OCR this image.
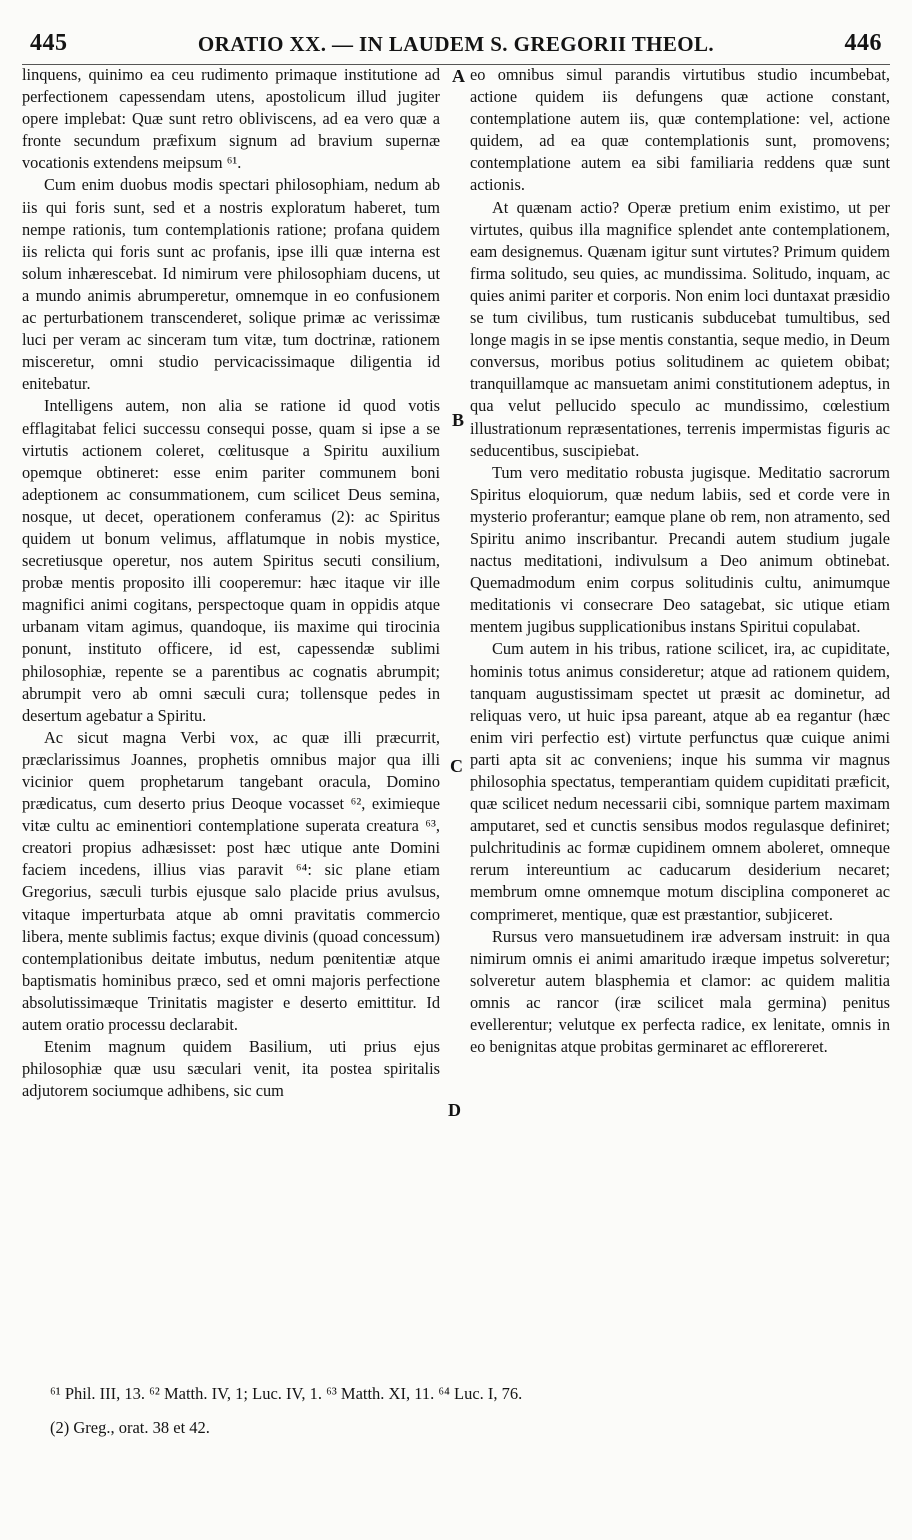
445	ORATIO XX. — IN LAUDEM S. GREGORII THEOL.	446

linquens, quinimo ea ceu rudimento primaque institutione ad perfectionem capessendam utens, apostolicum illud jugiter opere implebat: Quæ sunt retro obliviscens, ad ea vero quæ a fronte secundum præfixum signum ad bravium supernæ vocationis extendens meipsum ⁶¹.

Cum enim duobus modis spectari philosophiam, nedum ab iis qui foris sunt, sed et a nostris exploratum haberet, tum nempe rationis, tum contemplationis ratione; profana quidem iis relicta qui foris sunt ac profanis, ipse illi quæ interna est solum inhærescebat. Id nimirum vere philosophiam ducens, ut a mundo animis abrumperetur, omnemque in eo confusionem ac perturbationem transcenderet, solique primæ ac verissimæ luci per veram ac sinceram tum vitæ, tum doctrinæ, rationem misceretur, omni studio pervicacissimaque diligentia id enitebatur.

Intelligens autem, non alia se ratione id quod votis efflagitabat felici successu consequi posse, quam si ipse a se virtutis actionem coleret, cœlitusque a Spiritu auxilium opemque obtineret: esse enim pariter communem boni adeptionem ac consummationem, cum scilicet Deus semina, nosque, ut decet, operationem conferamus (2): ac Spiritus quidem ut bonum velimus, afflatumque in nobis mystice, secretiusque operetur, nos autem Spiritus secuti consilium, probæ mentis proposito illi cooperemur: hæc itaque vir ille magnifici animi cogitans, perspectoque quam in oppidis atque urbanam vitam agimus, quandoque, iis maxime qui tirocinia ponunt, instituto officere, id est, capessendæ sublimi philosophiæ, repente se a parentibus ac cognatis abrumpit; abrumpit vero ab omni sæculi cura; tollensque pedes in desertum agebatur a Spiritu.

Ac sicut magna Verbi vox, ac quæ illi præcurrit, præclarissimus Joannes, prophetis omnibus major qua illi vicinior quem prophetarum tangebant oracula, Domino prædicatus, cum deserto prius Deoque vocasset ⁶², eximieque vitæ cultu ac eminentiori contemplatione superata creatura ⁶³, creatori propius adhæsisset: post hæc utique ante Domini faciem incedens, illius vias paravit ⁶⁴: sic plane etiam Gregorius, sæculi turbis ejusque salo placide prius avulsus, vitaque imperturbata atque ab omni pravitatis commercio libera, mente sublimis factus; exque divinis (quoad concessum) contemplationibus deitate imbutus, nedum pœnitentiæ atque baptismatis hominibus præco, sed et omni majoris perfectione absolutissimæque Trinitatis magister e deserto emittitur. Id autem oratio processu declarabit.

Etenim magnum quidem Basilium, uti prius ejus philosophiæ quæ usu sæculari venit, ita postea spiritalis adjutorem sociumque adhibens, sic cum

eo omnibus simul parandis virtutibus studio incumbebat, actione quidem iis defungens quæ actione constant, contemplatione autem iis, quæ contemplatione: vel, actione quidem, ad ea quæ contemplationis sunt, promovens; contemplatione autem ea sibi familiaria reddens quæ sunt actionis.

At quænam actio? Operæ pretium enim existimo, ut per virtutes, quibus illa magnifice splendet ante contemplationem, eam designemus. Quænam igitur sunt virtutes? Primum quidem firma solitudo, seu quies, ac mundissima. Solitudo, inquam, ac quies animi pariter et corporis. Non enim loci duntaxat præsidio se tum civilibus, tum rusticanis subducebat tumultibus, sed longe magis in se ipse mentis constantia, seque medio, in Deum conversus, moribus potius solitudinem ac quietem obibat; tranquillamque ac mansuetam animi constitutionem adeptus, in qua velut pellucido speculo ac mundissimo, cœlestium illustrationum repræsentationes, terrenis impermistas figuris ac seducentibus, suscipiebat.

Tum vero meditatio robusta jugisque. Meditatio sacrorum Spiritus eloquiorum, quæ nedum labiis, sed et corde vere in mysterio proferantur; eamque plane ob rem, non atramento, sed Spiritu animo inscribantur. Precandi autem studium jugale nactus meditationi, indivulsum a Deo animum obtinebat. Quemadmodum enim corpus solitudinis cultu, animumque meditationis vi consecrare Deo satagebat, sic utique etiam mentem jugibus supplicationibus instans Spiritui copulabat.

Cum autem in his tribus, ratione scilicet, ira, ac cupiditate, hominis totus animus consideretur; atque ad rationem quidem, tanquam augustissimam spectet ut præsit ac dominetur, ad reliquas vero, ut huic ipsa pareant, atque ab ea regantur (hæc enim viri perfectio est) virtute perfunctus quæ cuique animi parti apta sit ac conveniens; inque his summa vir magnus philosophia spectatus, temperantiam quidem cupiditati præficit, quæ scilicet nedum necessarii cibi, somnique partem maximam amputaret, sed et cunctis sensibus modos regulasque definiret; pulchritudinis ac formæ cupidinem omnem aboleret, omneque rerum intereuntium ac caducarum desiderium necaret; membrum omne omnemque motum disciplina componeret ac comprimeret, mentique, quæ est præstantior, subjiceret.

Rursus vero mansuetudinem iræ adversam instruit: in qua nimirum omnis ei animi amaritudo iræque impetus solveretur; solveretur autem blasphemia et clamor: ac quidem malitia omnis ac rancor (iræ scilicet mala germina) penitus evellerentur; velutque ex perfecta radice, ex lenitate, omnis in eo benignitas atque probitas germinaret ac efflorereret.

A
B
C
D
⁶¹ Phil. III, 13. ⁶² Matth. IV, 1; Luc. IV, 1. ⁶³ Matth. XI, 11. ⁶⁴ Luc. I, 76.
(2) Greg., orat. 38 et 42.
